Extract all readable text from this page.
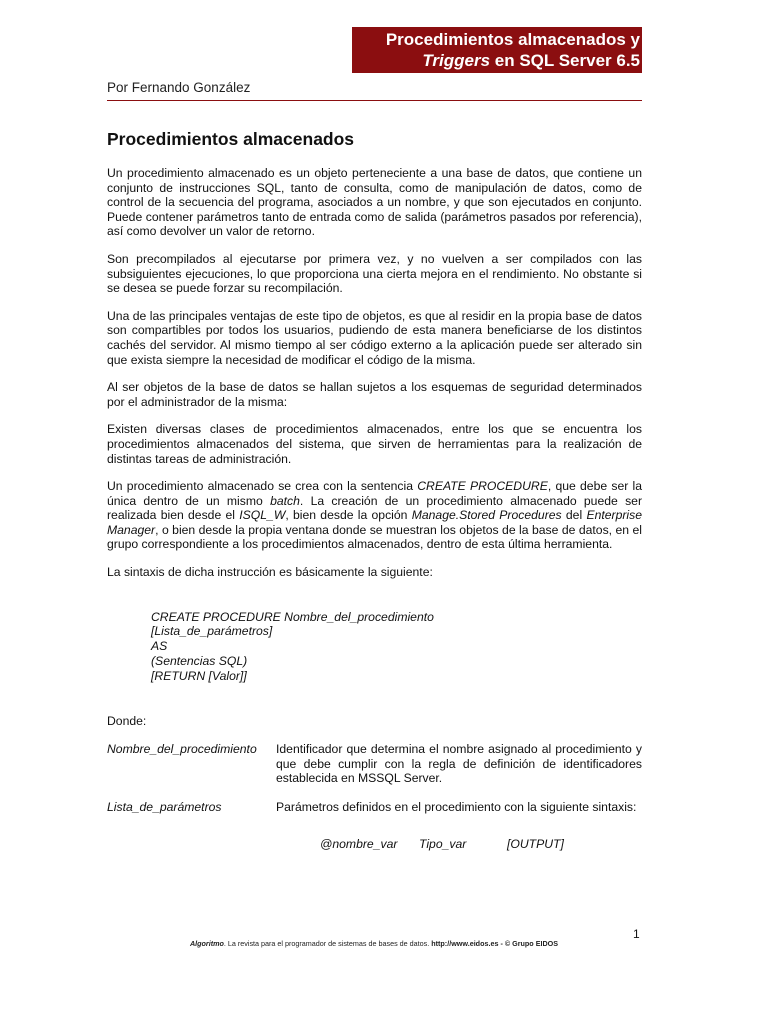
Procedimientos almacenados y
Triggers en SQL Server 6.5
Por Fernando González
Procedimientos almacenados

Un procedimiento almacenado es un objeto perteneciente a una base de datos, que contiene un conjunto de instrucciones SQL, tanto de consulta, como de manipulación de datos, como de control de la secuencia del programa, asociados a un nombre, y que son ejecutados en conjunto. Puede contener parámetros tanto de entrada como de salida (parámetros pasados por referencia), así como devolver un valor de retorno.

Son precompilados al ejecutarse por primera vez, y no vuelven a ser compilados con las subsiguientes ejecuciones, lo que proporciona una cierta mejora en el rendimiento. No obstante si se desea se puede forzar su recompilación.

Una de las principales ventajas de este tipo de objetos, es que al residir en la propia base de datos son compartibles por todos los usuarios, pudiendo de esta manera beneficiarse de los distintos cachés del servidor. Al mismo tiempo al ser código externo a la aplicación puede ser alterado sin que exista siempre la necesidad de modificar el código de la misma.

Al ser objetos de la base de datos se hallan sujetos a los esquemas de seguridad determinados por el administrador de la misma:

Existen diversas clases de procedimientos almacenados, entre los que se encuentra los procedimientos almacenados del sistema, que sirven de herramientas para la realización de distintas tareas de administración.

Un procedimiento almacenado se crea con la sentencia CREATE PROCEDURE, que debe ser la única dentro de un mismo batch. La creación de un procedimiento almacenado puede ser realizada bien desde el ISQL_W, bien desde la opción Manage.Stored Procedures del Enterprise Manager, o bien desde la propia ventana donde se muestran los objetos de la base de datos, en el grupo correspondiente a los procedimientos almacenados, dentro de esta última herramienta.

La sintaxis de dicha instrucción es básicamente la siguiente:

CREATE PROCEDURE Nombre_del_procedimiento
[Lista_de_parámetros]
AS
(Sentencias SQL)
[RETURN [Valor]]
Donde:
Nombre_del_procedimiento	Identificador que determina el nombre asignado al procedimiento y que debe cumplir con la regla de definición de identificadores establecida en MSSQL Server.
Lista_de_parámetros	Parámetros definidos en el procedimiento con la siguiente sintaxis:
@nombre_var Tipo_var	[OUTPUT]
1
Algoritmo. La revista para el programador de sistemas de bases de datos. http://www.eidos.es - © Grupo EIDOS
